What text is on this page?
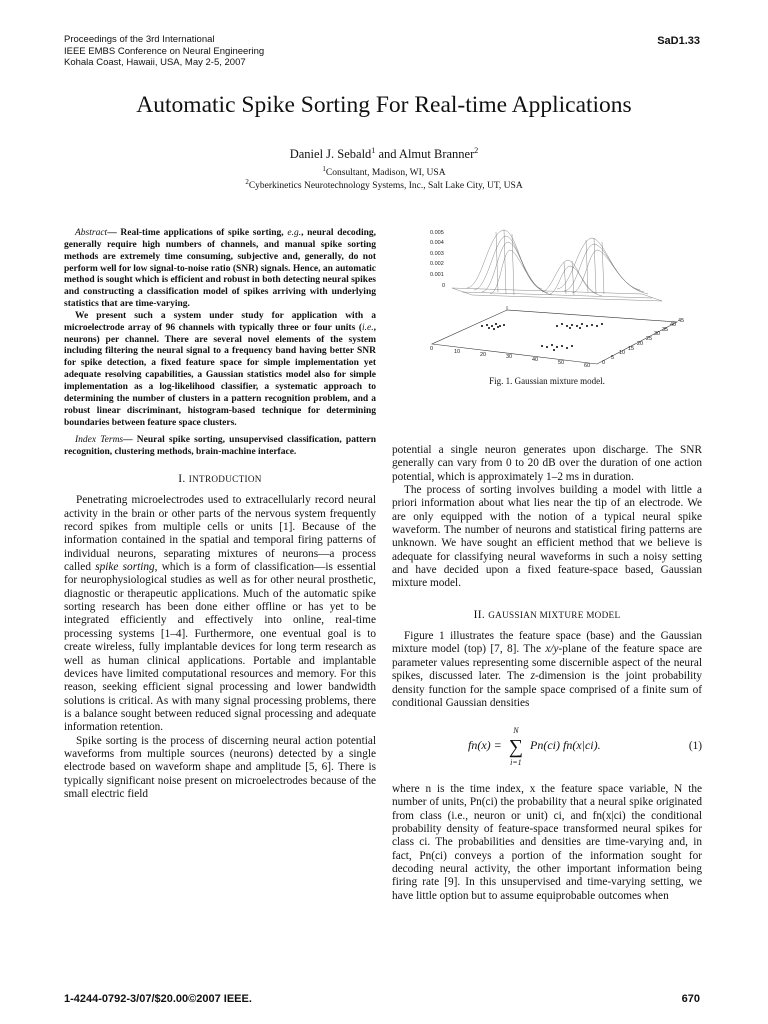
Proceedings of the 3rd International
IEEE EMBS Conference on Neural Engineering
Kohala Coast, Hawaii, USA, May 2-5, 2007
SaD1.33
Automatic Spike Sorting For Real-time Applications
Daniel J. Sebald$^1$ and Almut Branner$^2$
$^1$Consultant, Madison, WI, USA
$^2$Cyberkinetics Neurotechnology Systems, Inc., Salt Lake City, UT, USA

Abstract— Real-time applications of spike sorting, e.g., neural decoding, generally require high numbers of channels, and manual spike sorting methods are extremely time consuming, subjective and, generally, do not perform well for low signal-to-noise ratio (SNR) signals. Hence, an automatic method is sought which is efficient and robust in both detecting neural spikes and constructing a classification model of spikes arriving with underlying statistics that are time-varying.

We present such a system under study for application with a microelectrode array of 96 channels with typically three or four units (i.e., neurons) per channel. There are several novel elements of the system including filtering the neural signal to a frequency band having better SNR for spike detection, a fixed feature space for simple implementation yet adequate resolving capabilities, a Gaussian statistics model also for simple implementation as a log-likelihood classifier, a systematic approach to determining the number of clusters in a pattern recognition problem, and a robust linear discriminant, histogram-based technique for determining boundaries between feature space clusters.

Index Terms— Neural spike sorting, unsupervised classification, pattern recognition, clustering methods, brain-machine interface.

I. INTRODUCTION

Penetrating microelectrodes used to extracellularly record neural activity in the brain or other parts of the nervous system frequently record spikes from multiple cells or units [1]. Because of the information contained in the spatial and temporal firing patterns of individual neurons, separating mixtures of neurons—a process called spike sorting, which is a form of classification—is essential for neurophysiological studies as well as for other neural prosthetic, diagnostic or therapeutic applications. Much of the automatic spike sorting research has been done either offline or has yet to be integrated efficiently and effectively into online, real-time processing systems [1–4]. Furthermore, one eventual goal is to create wireless, fully implantable devices for long term research as well as human clinical applications. Portable and implantable devices have limited computational resources and memory. For this reason, seeking efficient signal processing and lower bandwidth solutions is critical. As with many signal processing problems, there is a balance sought between reduced signal processing and adequate information retention.

Spike sorting is the process of discerning neural action potential waveforms from multiple sources (neurons) detected by a single electrode based on waveform shape and amplitude [5, 6]. There is typically significant noise present on microelectrodes because of the small electric field

0.005
0.004
0.003
0.002
0.001
0
0	10	20	30	40	50	60 0
5
10
15
20
25
30
35
40
45
Fig. 1. Gaussian mixture model.

potential a single neuron generates upon discharge. The SNR generally can vary from 0 to 20 dB over the duration of one action potential, which is approximately 1–2 ms in duration.

The process of sorting involves building a model with little a priori information about what lies near the tip of an electrode. We are only equipped with the notion of a typical neural spike waveform. The number of neurons and statistical firing patterns are unknown. We have sought an efficient method that we believe is adequate for classifying neural waveforms in such a noisy setting and have decided upon a fixed feature-space based, Gaussian mixture model.

II. GAUSSIAN MIXTURE MODEL

Figure 1 illustrates the feature space (base) and the Gaussian mixture model (top) [7, 8]. The x/y-plane of the feature space are parameter values representing some discernible aspect of the neural spikes, discussed later. The z-dimension is the joint probability density function for the sample space comprised of a finite sum of conditional Gaussian densities

fn(x) =
N
∑
i=1
Pn(ci) fn(x|ci).	(1)

where n is the time index, x the feature space variable, N the number of units, Pn(ci) the probability that a neural spike originated from class (i.e., neuron or unit) ci, and fn(x|ci) the conditional probability density of feature-space transformed neural spikes for class ci. The probabilities and densities are time-varying and, in fact, Pn(ci) conveys a portion of the information sought for decoding neural activity, the other important information being firing rate [9]. In this unsupervised and time-varying setting, we have little option but to assume equiprobable outcomes when

1-4244-0792-3/07/$20.00©2007 IEEE.	670
